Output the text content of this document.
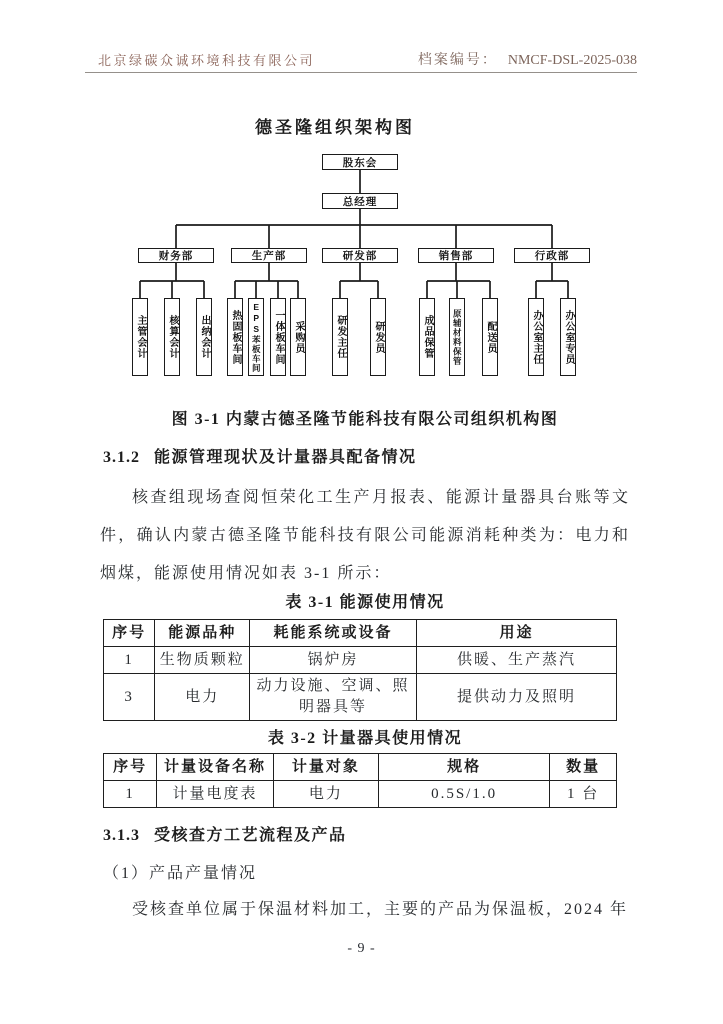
北京绿碳众诚环境科技有限公司	档案编号： NMCF-DSL-2025-038
德圣隆组织架构图
股东会
总经理
财务部	生产部	研发部	销售部	行政部
主管会计 核算会计 出纳会计 热固板车间 EPS苯板车间 一体板车间 采购员	研发主任	研发员	成品保管 原辅材料保管 配送员	办公室主任 办公室专员
图 3-1 内蒙古德圣隆节能科技有限公司组织机构图
3.1.2 能源管理现状及计量器具配备情况
核查组现场查阅恒荣化工生产月报表、能源计量器具台账等文件，确认内蒙古德圣隆节能科技有限公司能源消耗种类为：电力和烟煤，能源使用情况如表 3-1 所示：
表 3-1 能源使用情况
序号	能源品种	耗能系统或设备	用途
1	生物质颗粒	锅炉房	供暖、生产蒸汽
3	电力	动力设施、空调、照明器具等	提供动力及照明
表 3-2 计量器具使用情况
序号	计量设备名称	计量对象	规格	数量
1	计量电度表	电力	0.5S/1.0	1 台
3.1.3 受核查方工艺流程及产品
（1）产品产量情况
受核查单位属于保温材料加工，主要的产品为保温板，2024 年
- 9 -
